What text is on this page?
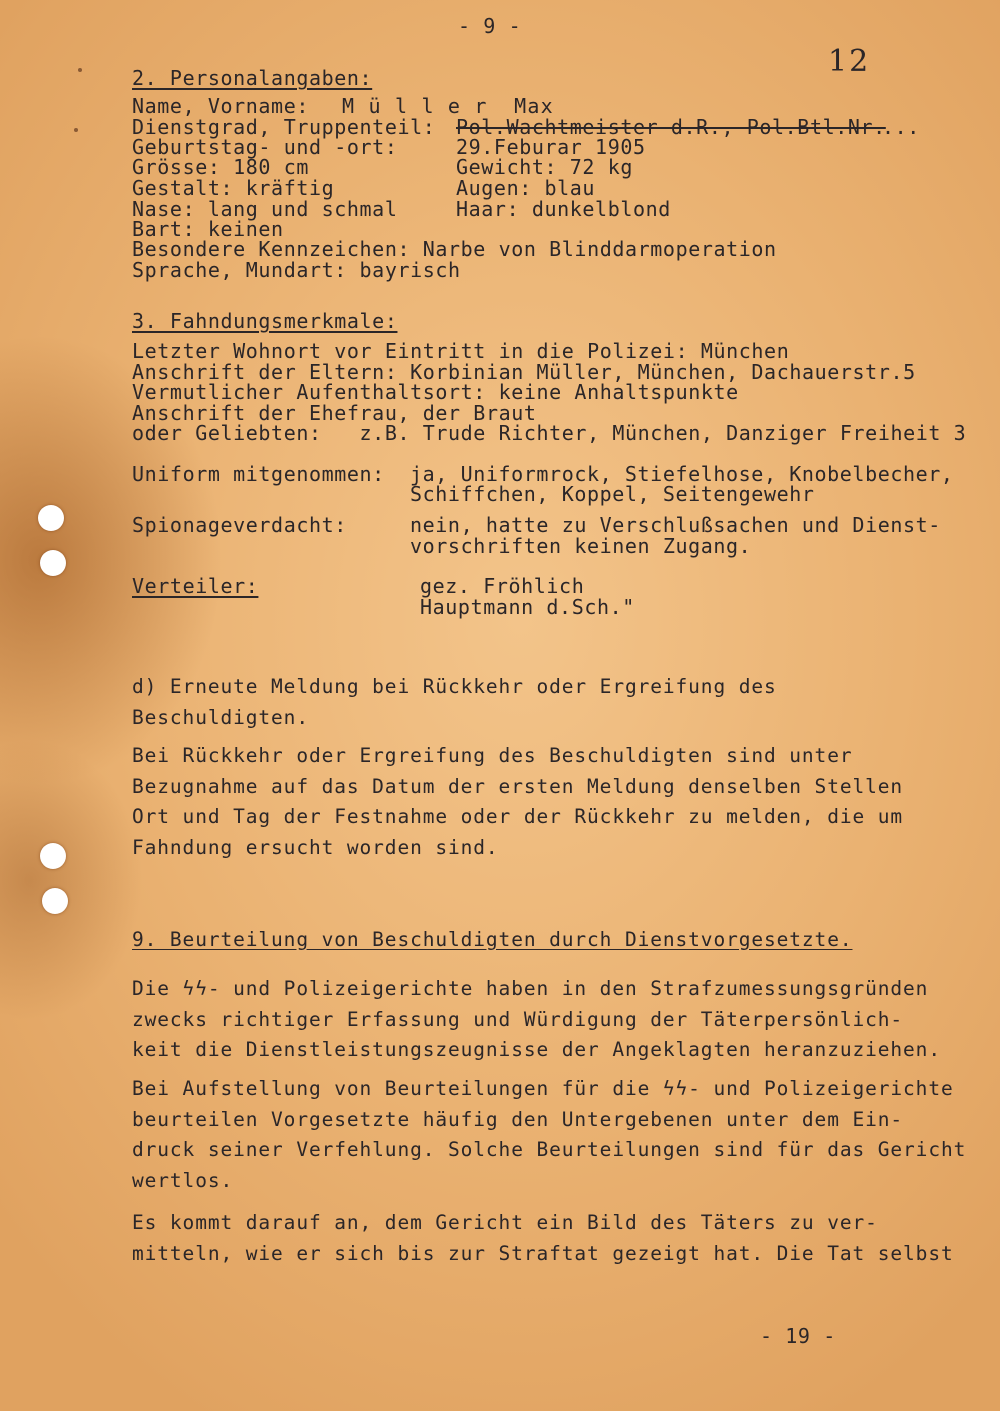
- 9 -
12
2. Personalangaben:
Name, Vorname: M ü l l e r  Max
Dienstgrad, Truppenteil: Pol.Wachtmeister d.R., Pol.Btl.Nr.
...
Geburtstag- und -ort:	29.Feburar 1905
Grösse: 180 cm	Gewicht: 72 kg
Gestalt: kräftig	Augen: blau
Nase: lang und schmal	Haar: dunkelblond
Bart: keinen
Besondere Kennzeichen: Narbe von Blinddarmoperation
Sprache, Mundart: bayrisch
3. Fahndungsmerkmale:
Letzter Wohnort vor Eintritt in die Polizei: München
Anschrift der Eltern: Korbinian Müller, München, Dachauerstr.5
Vermutlicher Aufenthaltsort: keine Anhaltspunkte
Anschrift der Ehefrau, der Braut
oder Geliebten:   z.B. Trude Richter, München, Danziger Freiheit 3
Uniform mitgenommen: ja, Uniformrock, Stiefelhose, Knobelbecher,
Schiffchen, Koppel, Seitengewehr
Spionageverdacht:	nein, hatte zu Verschlußsachen und Dienst-
vorschriften keinen Zugang.
Verteiler:	gez. Fröhlich
Hauptmann d.Sch."
d) Erneute Meldung bei Rückkehr oder Ergreifung des
Beschuldigten.
Bei Rückkehr oder Ergreifung des Beschuldigten sind unter
Bezugnahme auf das Datum der ersten Meldung denselben Stellen
Ort und Tag der Festnahme oder der Rückkehr zu melden, die um
Fahndung ersucht worden sind.
9. Beurteilung von Beschuldigten durch Dienstvorgesetzte.
Die ϟϟ- und Polizeigerichte haben in den Strafzumessungsgründen
zwecks richtiger Erfassung und Würdigung der Täterpersönlich-
keit die Dienstleistungszeugnisse der Angeklagten heranzuziehen.
Bei Aufstellung von Beurteilungen für die ϟϟ- und Polizeigerichte
beurteilen Vorgesetzte häufig den Untergebenen unter dem Ein-
druck seiner Verfehlung. Solche Beurteilungen sind für das Gericht
wertlos.
Es kommt darauf an, dem Gericht ein Bild des Täters zu ver-
mitteln, wie er sich bis zur Straftat gezeigt hat. Die Tat selbst
- 19 -
